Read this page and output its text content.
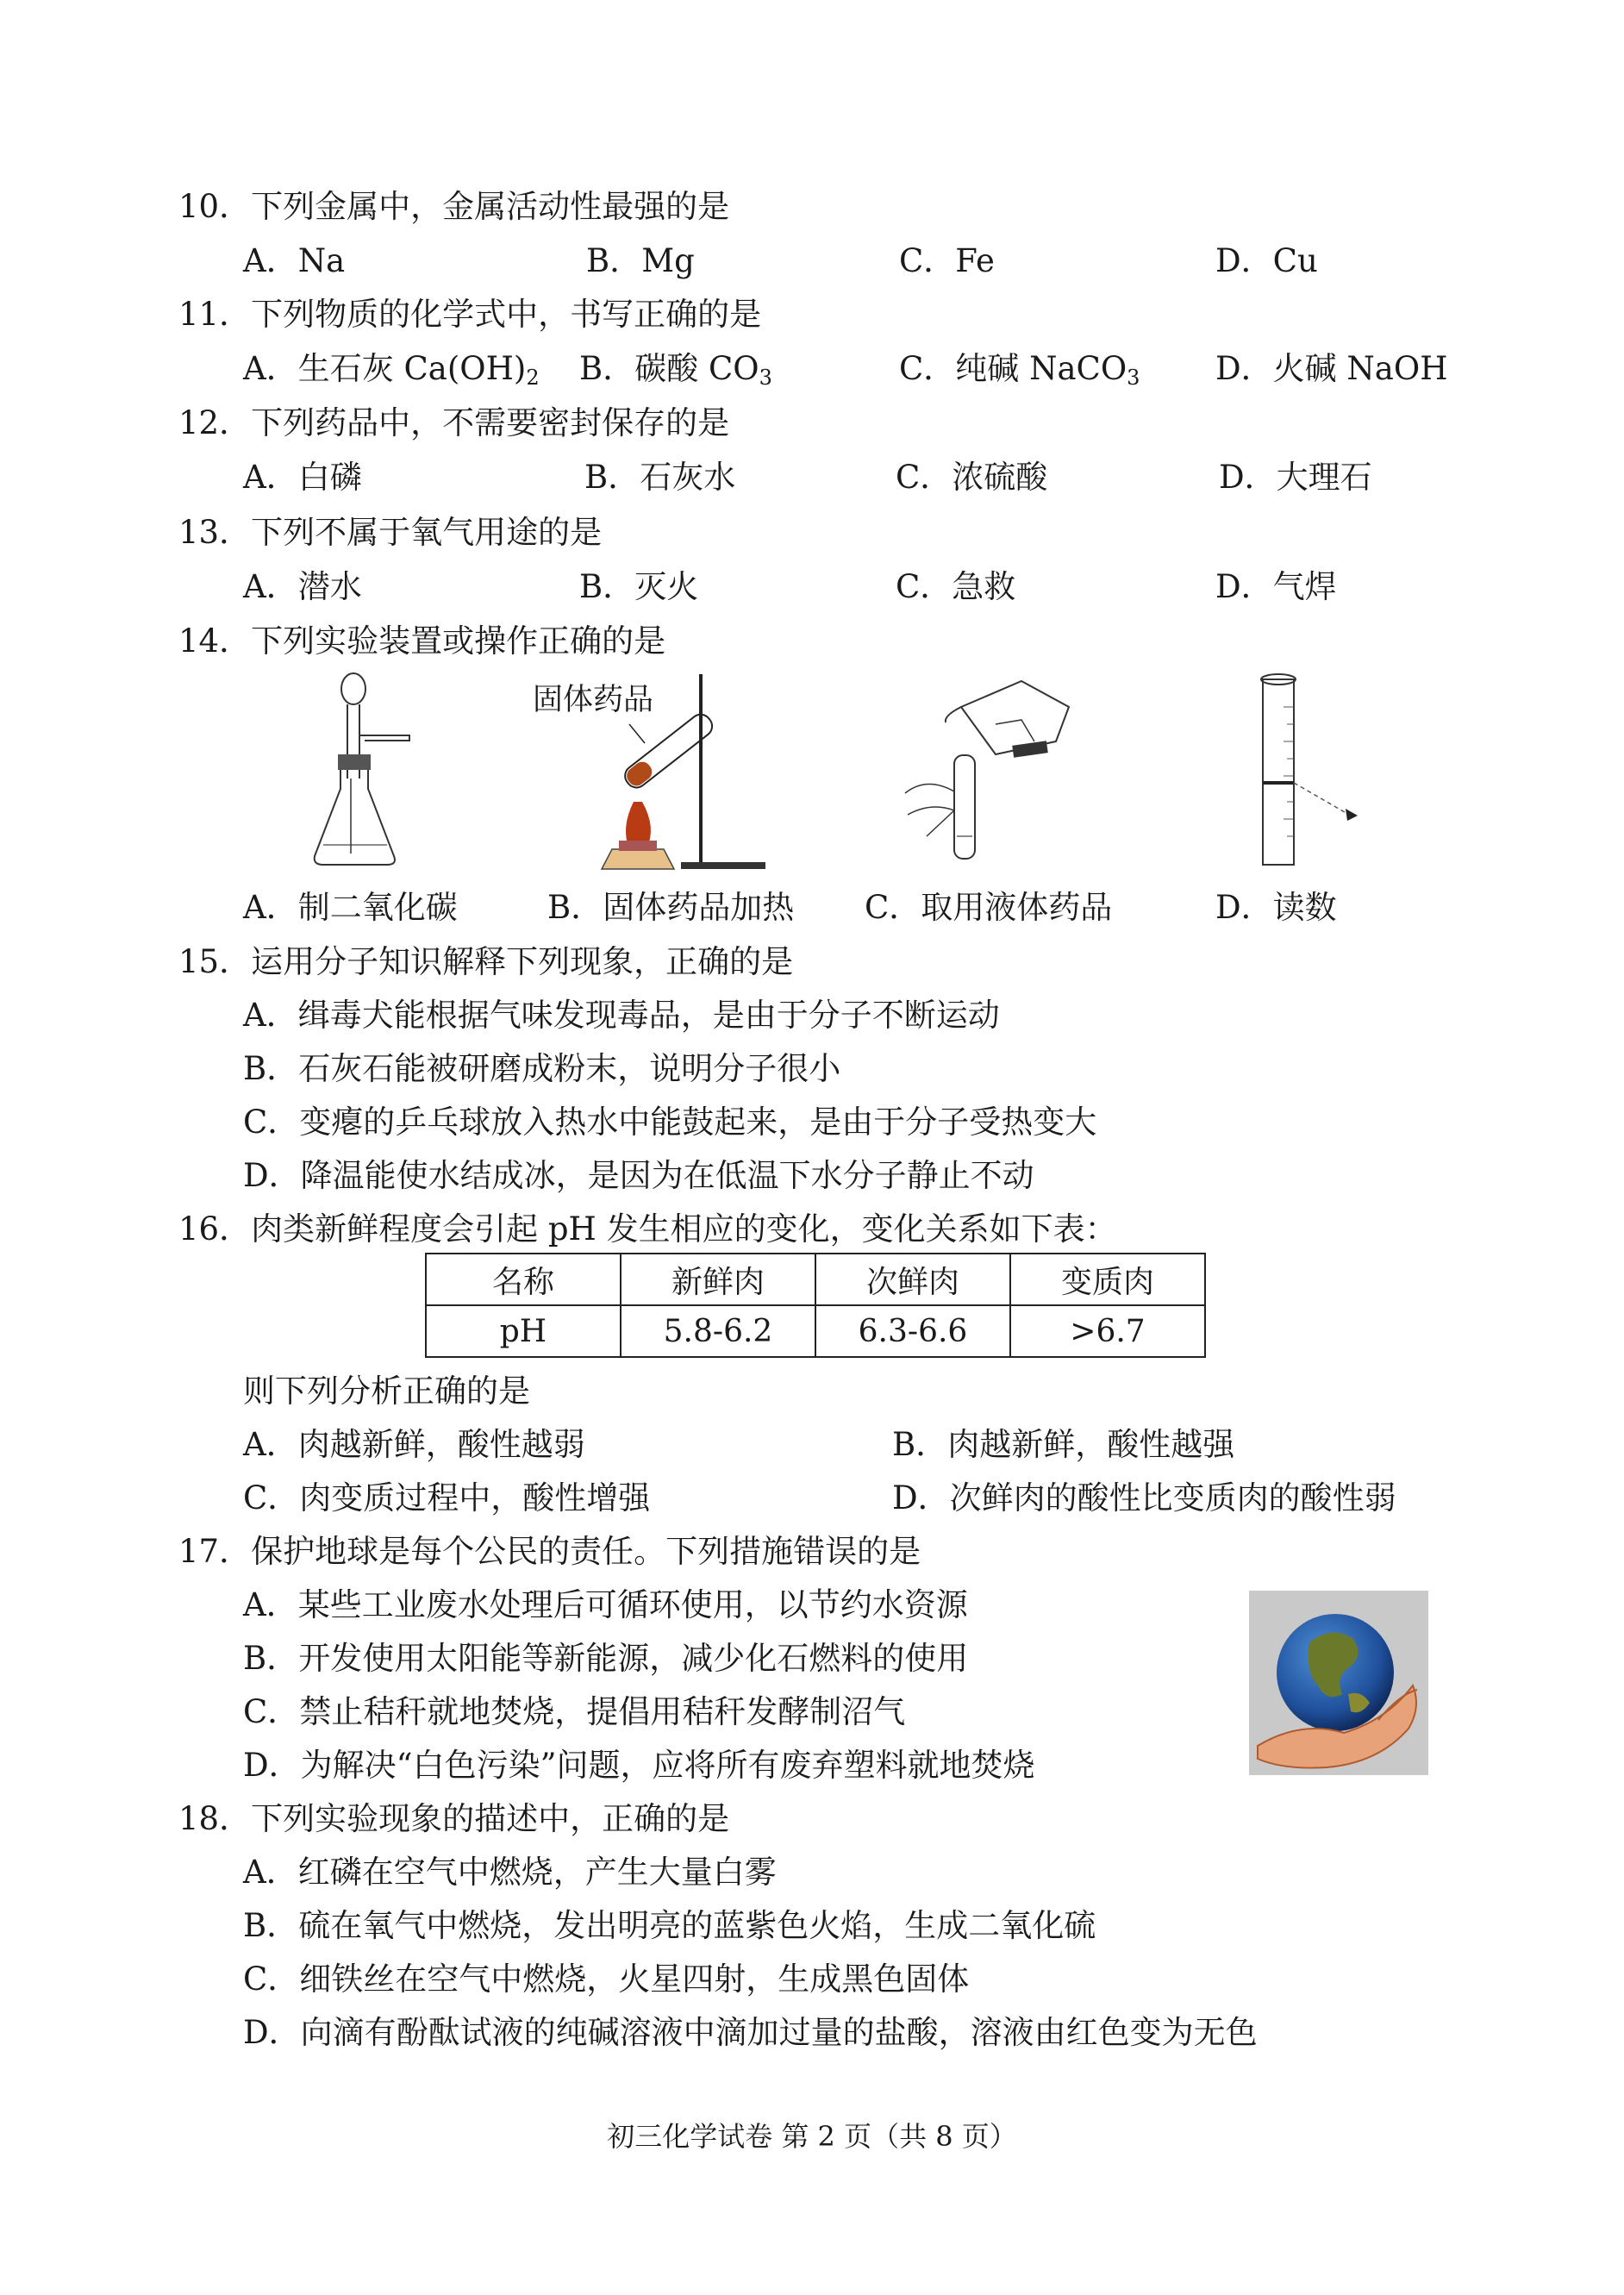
10．下列金属中，金属活动性最强的是
A．Na	B．Mg	C．Fe	D．Cu
11．下列物质的化学式中，书写正确的是
A．生石灰 $Ca(OH)_2$ B．碳酸 $CO_3$	C．纯碱 NaCO$_3$ D．火碱 NaOH
12．下列药品中，不需要密封保存的是
A．白磷	B．石灰水	C．浓硫酸	D．大理石
13．下列不属于氧气用途的是
A．潜水	B．灭火	C．急救	D．气焊
14．下列实验装置或操作正确的是
固体药品
A．制二氧化碳	B．固体药品加热 C．取用液体药品	D．读数
15．运用分子知识解释下列现象，正确的是
A．缉毒犬能根据气味发现毒品，是由于分子不断运动
B．石灰石能被研磨成粉末，说明分子很小
C．变瘪的乒乓球放入热水中能鼓起来，是由于分子受热变大
D．降温能使水结成冰，是因为在低温下水分子静止不动
16．肉类新鲜程度会引起 pH 发生相应的变化，变化关系如下表：
名称	新鲜肉	次鲜肉	变质肉
pH	5.8-6.2	6.3-6.6	>6.7
则下列分析正确的是
A．肉越新鲜，酸性越弱	B．肉越新鲜，酸性越强
C．肉变质过程中，酸性增强	D．次鲜肉的酸性比变质肉的酸性弱
17．保护地球是每个公民的责任。下列措施错误的是
A．某些工业废水处理后可循环使用，以节约水资源
B．开发使用太阳能等新能源，减少化石燃料的使用
C．禁止秸秆就地焚烧，提倡用秸秆发酵制沼气
D．为解决“白色污染”问题，应将所有废弃塑料就地焚烧
18．下列实验现象的描述中，正确的是
A．红磷在空气中燃烧，产生大量白雾
B．硫在氧气中燃烧，发出明亮的蓝紫色火焰，生成二氧化硫
C．细铁丝在空气中燃烧，火星四射，生成黑色固体
D．向滴有酚酞试液的纯碱溶液中滴加过量的盐酸，溶液由红色变为无色
初三化学试卷 第 2 页（共 8 页）
